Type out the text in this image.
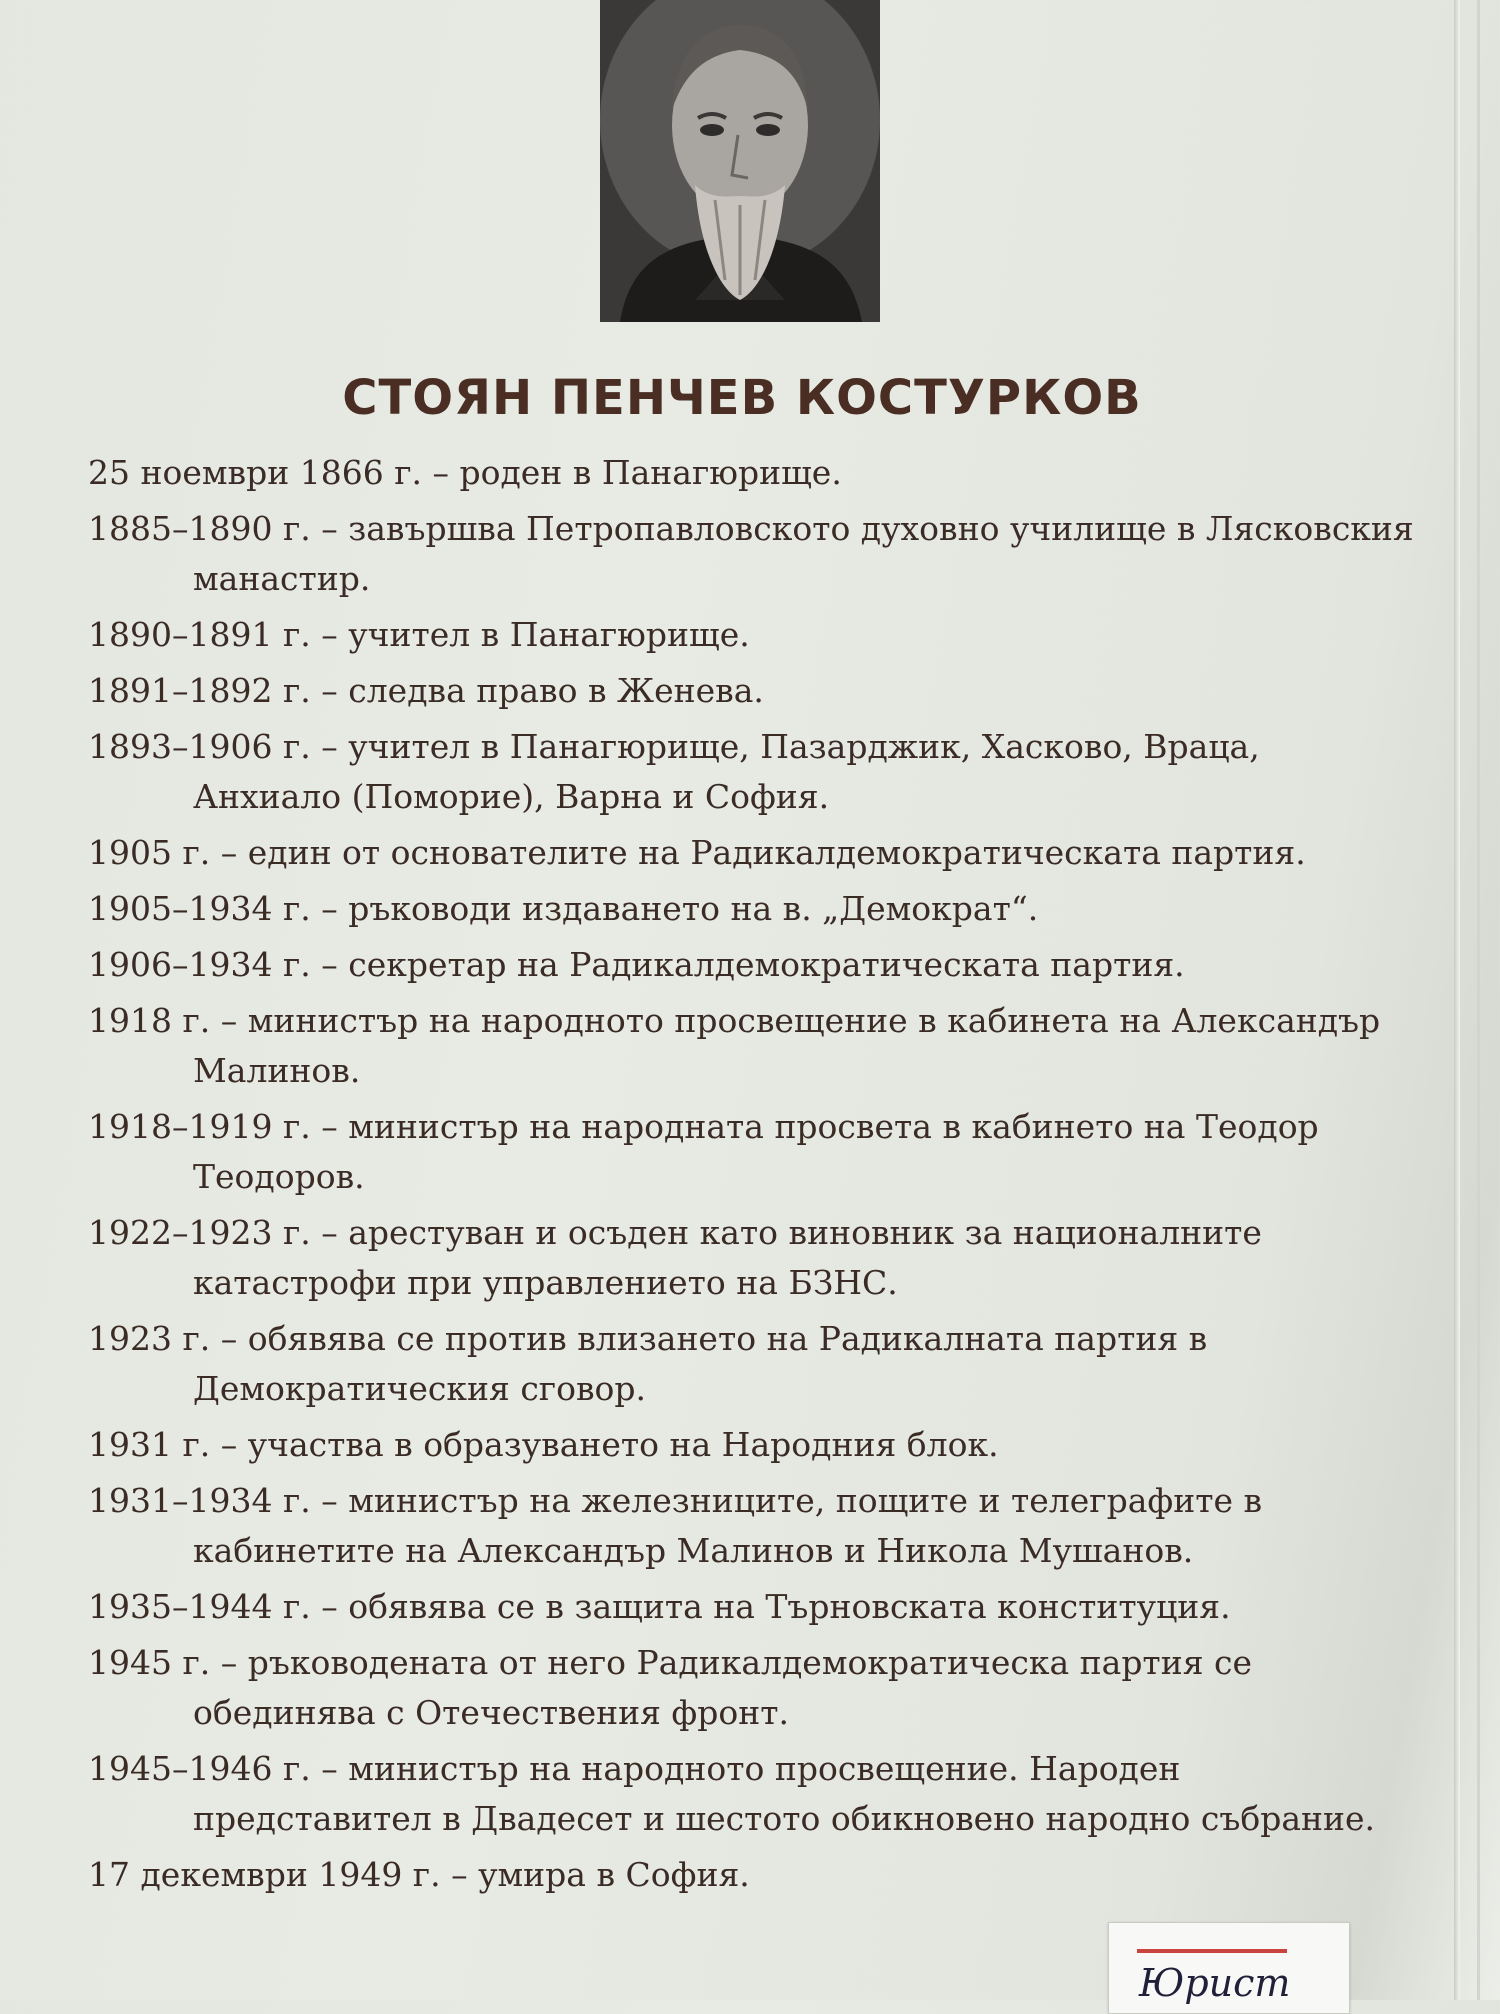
СТОЯН ПЕНЧЕВ КОСТУРКОВ
25 ноември 1866 г. – роден в Панагюрище.
1885–1890 г. – завършва Петропавловското духовно училище в Лясковския манастир.
1890–1891 г. – учител в Панагюрище.
1891–1892 г. – следва право в Женева.
1893–1906 г. – учител в Панагюрище, Пазарджик, Хасково, Враца, Анхиало (Поморие), Варна и София.
1905 г. – един от основателите на Радикалдемократическата партия.
1905–1934 г. – ръководи издаването на в. „Демократ“.
1906–1934 г. – секретар на Радикалдемократическата партия.
1918 г. – министър на народното просвещение в кабинета на Александър Малинов.
1918–1919 г. – министър на народната просвета в кабинето на Теодор Теодоров.
1922–1923 г. – арестуван и осъден като виновник за националните катастрофи при управлението на БЗНС.
1923 г. – обявява се против влизането на Радикалната партия в Демократическия сговор.
1931 г. – участва в образуването на Народния блок.
1931–1934 г. – министър на железниците, пощите и телеграфите в кабинетите на Александър Малинов и Никола Мушанов.
1935–1944 г. – обявява се в защита на Търновската конституция.
1945 г. – ръководената от него Радикалдемократическа партия се обединява с Отечествения фронт.
1945–1946 г. – министър на народното просвещение. Народен представител в Двадесет и шестото обикновено народно събрание.
17 декември 1949 г. – умира в София.
Юрист
